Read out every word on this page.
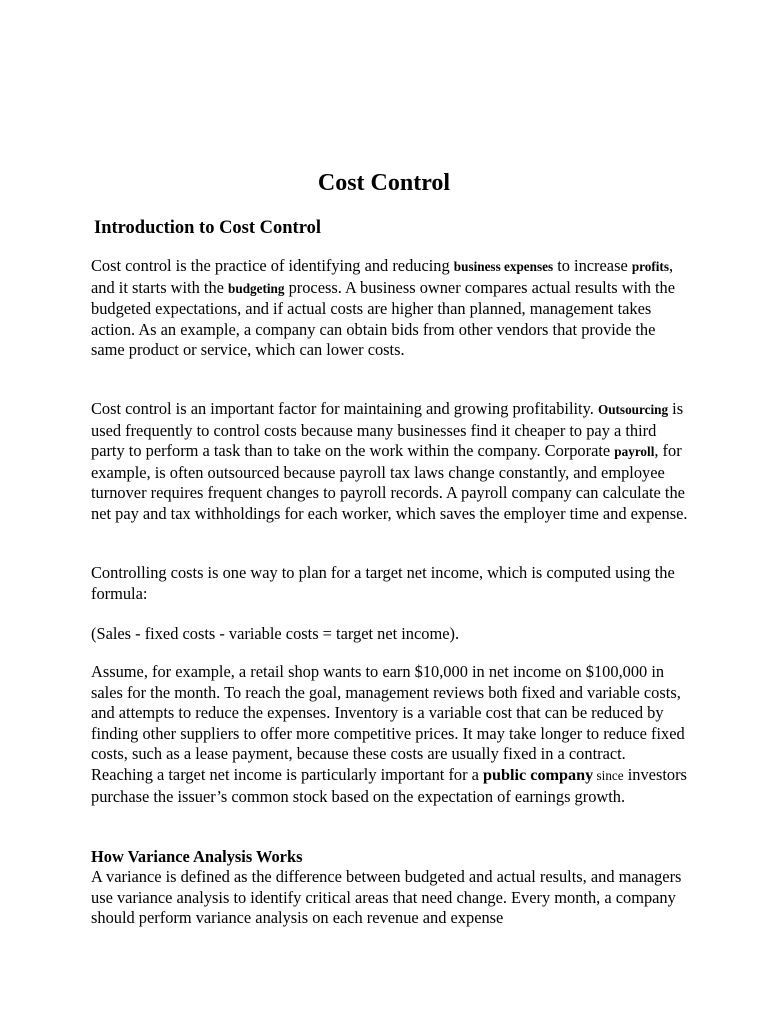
Cost Control
Introduction to Cost Control

Cost control is the practice of identifying and reducing business expenses to increase profits, and it starts with the budgeting process. A business owner compares actual results with the budgeted expectations, and if actual costs are higher than planned, management takes action. As an example, a company can obtain bids from other vendors that provide the same product or service, which can lower costs.

Cost control is an important factor for maintaining and growing profitability. Outsourcing is used frequently to control costs because many businesses find it cheaper to pay a third party to perform a task than to take on the work within the company. Corporate payroll, for example, is often outsourced because payroll tax laws change constantly, and employee turnover requires frequent changes to payroll records. A payroll company can calculate the net pay and tax withholdings for each worker, which saves the employer time and expense.

Controlling costs is one way to plan for a target net income, which is computed using the formula:

(Sales - fixed costs - variable costs = target net income).

Assume, for example, a retail shop wants to earn $10,000 in net income on $100,000 in sales for the month. To reach the goal, management reviews both fixed and variable costs, and attempts to reduce the expenses. Inventory is a variable cost that can be reduced by finding other suppliers to offer more competitive prices. It may take longer to reduce fixed costs, such as a lease payment, because these costs are usually fixed in a contract. Reaching a target net income is particularly important for a public company since investors purchase the issuer’s common stock based on the expectation of earnings growth.

How Variance Analysis Works

A variance is defined as the difference between budgeted and actual results, and managers use variance analysis to identify critical areas that need change. Every month, a company should perform variance analysis on each revenue and expense
